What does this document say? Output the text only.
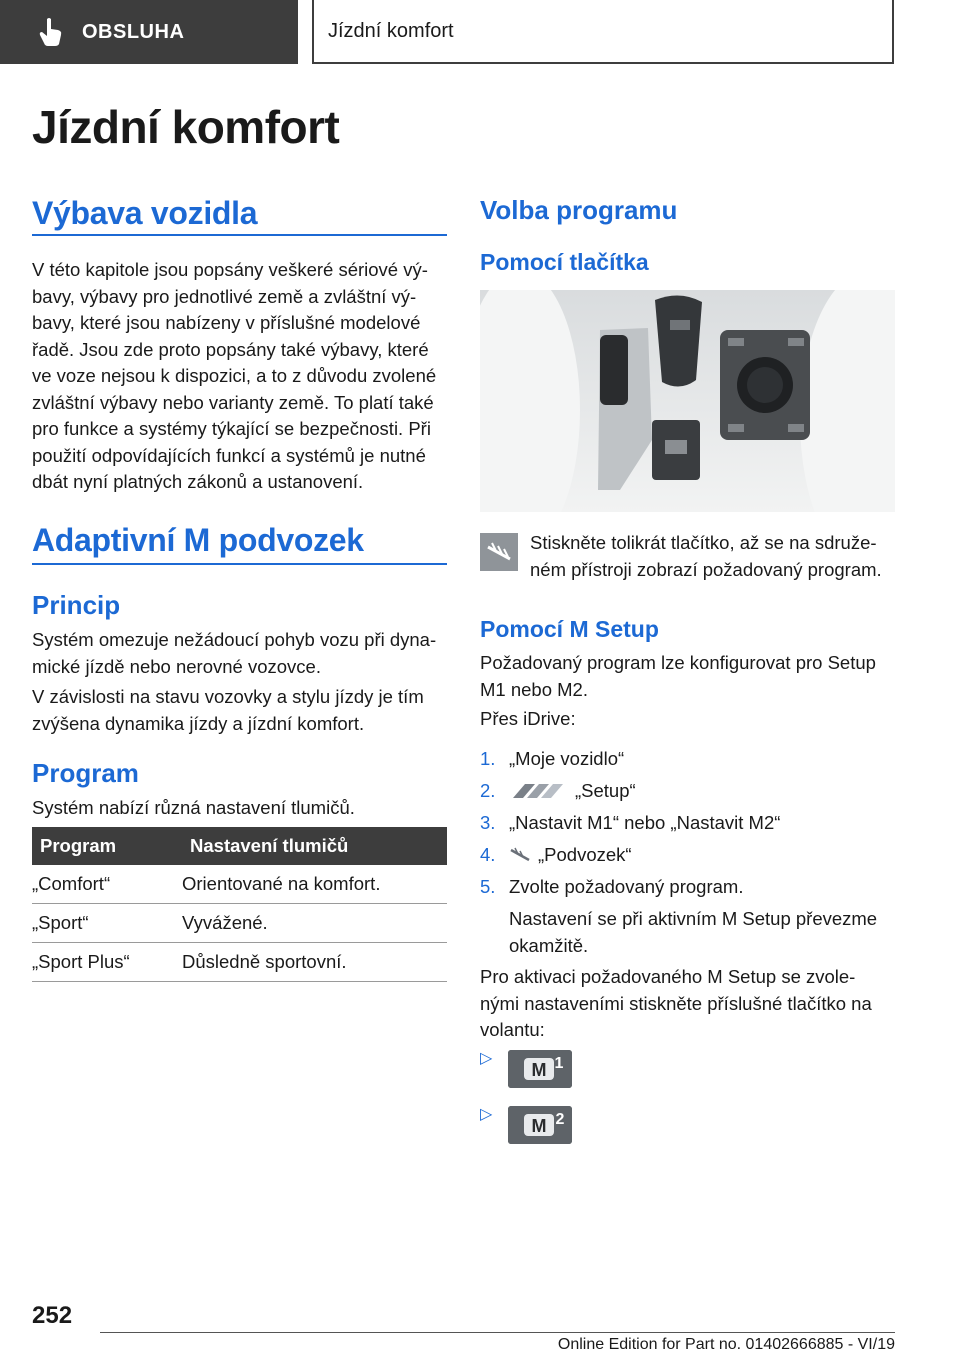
OBSLUHA	Jízdní komfort
Jízdní komfort
Výbava vozidla
V této kapitole jsou popsány veškeré sériové vý‐
bavy, výbavy pro jednotlivé země a zvláštní vý‐
bavy, které jsou nabízeny v příslušné modelové
řadě. Jsou zde proto popsány také výbavy, které
ve voze nejsou k dispozici, a to z důvodu zvolené
zvláštní výbavy nebo varianty země. To platí také
pro funkce a systémy týkající se bezpečnosti. Při
použití odpovídajících funkcí a systémů je nutné
dbát nyní platných zákonů a ustanovení.
Adaptivní M podvozek
Princip
Systém omezuje nežádoucí pohyb vozu při dyna‐
mické jízdě nebo nerovné vozovce.
V závislosti na stavu vozovky a stylu jízdy je tím
zvýšena dynamika jízdy a jízdní komfort.
Program
Systém nabízí různá nastavení tlumičů.
Program	Nastavení tlumičů
„Comfort“	Orientované na komfort.
„Sport“	Vyvážené.
„Sport Plus“	Důsledně sportovní.
Volba programu
Pomocí tlačítka
Stiskněte tolikrát tlačítko, až se na sdruže‐
ném přístroji zobrazí požadovaný program.
Pomocí M Setup
Požadovaný program lze konfigurovat pro Setup
M1 nebo M2.
Přes iDrive:
1. „Moje vozidlo“
2.	„Setup“
3. „Nastavit M1“ nebo „Nastavit M2“
4. „Podvozek“
5. Zvolte požadovaný program.
Nastavení se při aktivním M Setup převezme
okamžitě.
Pro aktivaci požadovaného M Setup se zvole‐
nými nastaveními stiskněte příslušné tlačítko na
volantu:
▷
M 1
▷
M 2
252
Online Edition for Part no. 01402666885 - VI/19
